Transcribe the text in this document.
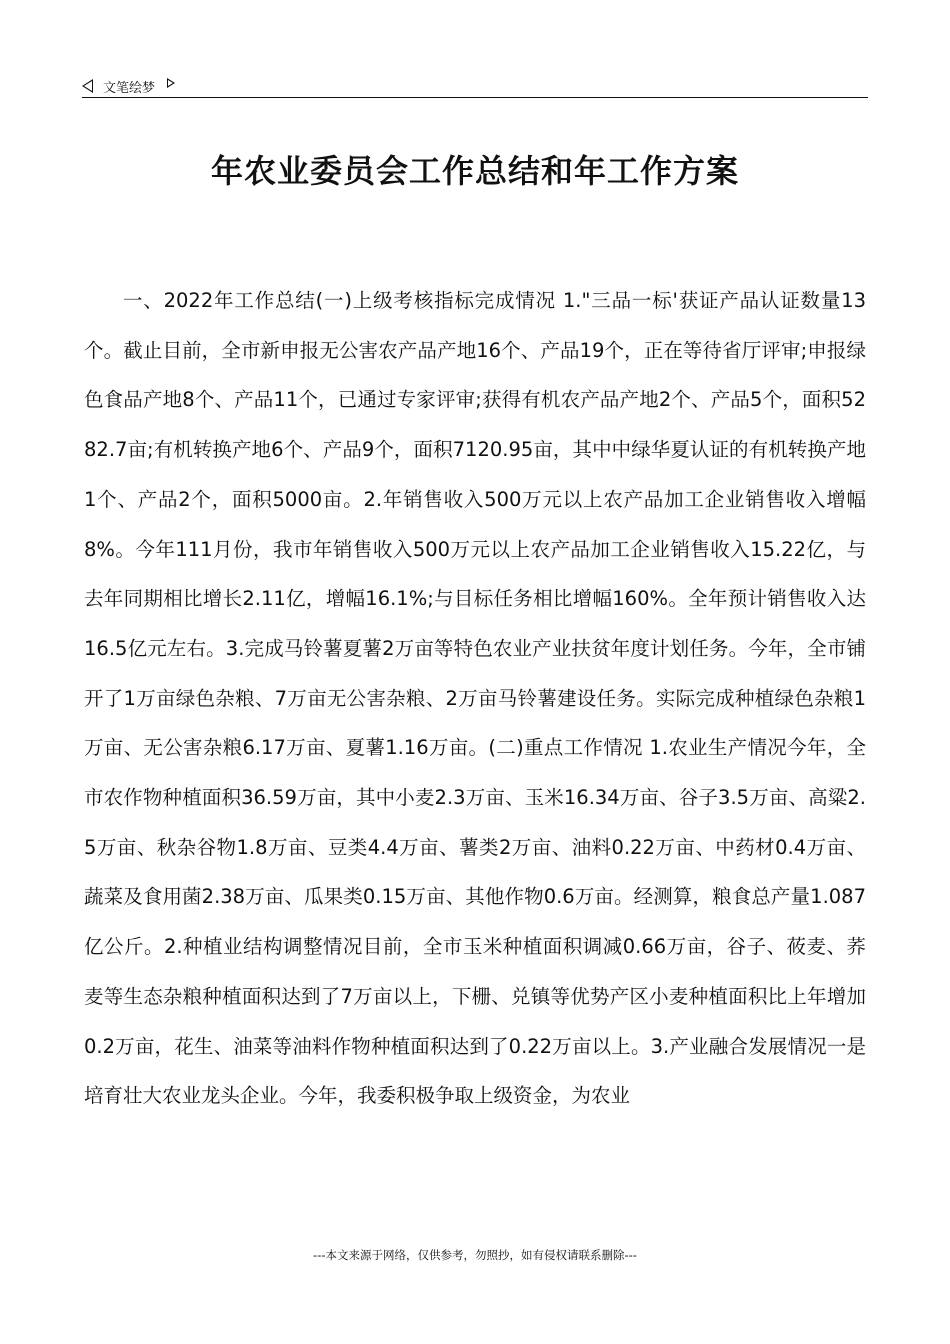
文笔绘梦
年农业委员会工作总结和年工作方案
一、2022年工作总结(一)上级考核指标完成情况 1."三品一标'获证产品认证数量13个。截止目前，全市新申报无公害农产品产地16个、产品19个，正在等待省厅评审;申报绿色食品产地8个、产品11个，已通过专家评审;获得有机农产品产地2个、产品5个，面积5282.7亩;有机转换产地6个、产品9个，面积7120.95亩，其中中绿华夏认证的有机转换产地1个、产品2个，面积5000亩。2.年销售收入500万元以上农产品加工企业销售收入增幅8%。今年111月份，我市年销售收入500万元以上农产品加工企业销售收入15.22亿，与去年同期相比增长2.11亿，增幅16.1%;与目标任务相比增幅160%。全年预计销售收入达16.5亿元左右。3.完成马铃薯夏薯2万亩等特色农业产业扶贫年度计划任务。今年，全市铺开了1万亩绿色杂粮、7万亩无公害杂粮、2万亩马铃薯建设任务。实际完成种植绿色杂粮1万亩、无公害杂粮6.17万亩、夏薯1.16万亩。(二)重点工作情况 1.农业生产情况今年，全市农作物种植面积36.59万亩，其中小麦2.3万亩、玉米16.34万亩、谷子3.5万亩、高粱2.5万亩、秋杂谷物1.8万亩、豆类4.4万亩、薯类2万亩、油料0.22万亩、中药材0.4万亩、蔬菜及食用菌2.38万亩、瓜果类0.15万亩、其他作物0.6万亩。经测算，粮食总产量1.087亿公斤。2.种植业结构调整情况目前，全市玉米种植面积调减0.66万亩，谷子、莜麦、荞麦等生态杂粮种植面积达到了7万亩以上，下栅、兑镇等优势产区小麦种植面积比上年增加0.2万亩，花生、油菜等油料作物种植面积达到了0.22万亩以上。3.产业融合发展情况一是培育壮大农业龙头企业。今年，我委积极争取上级资金，为农业
---本文来源于网络，仅供参考，勿照抄，如有侵权请联系删除---
